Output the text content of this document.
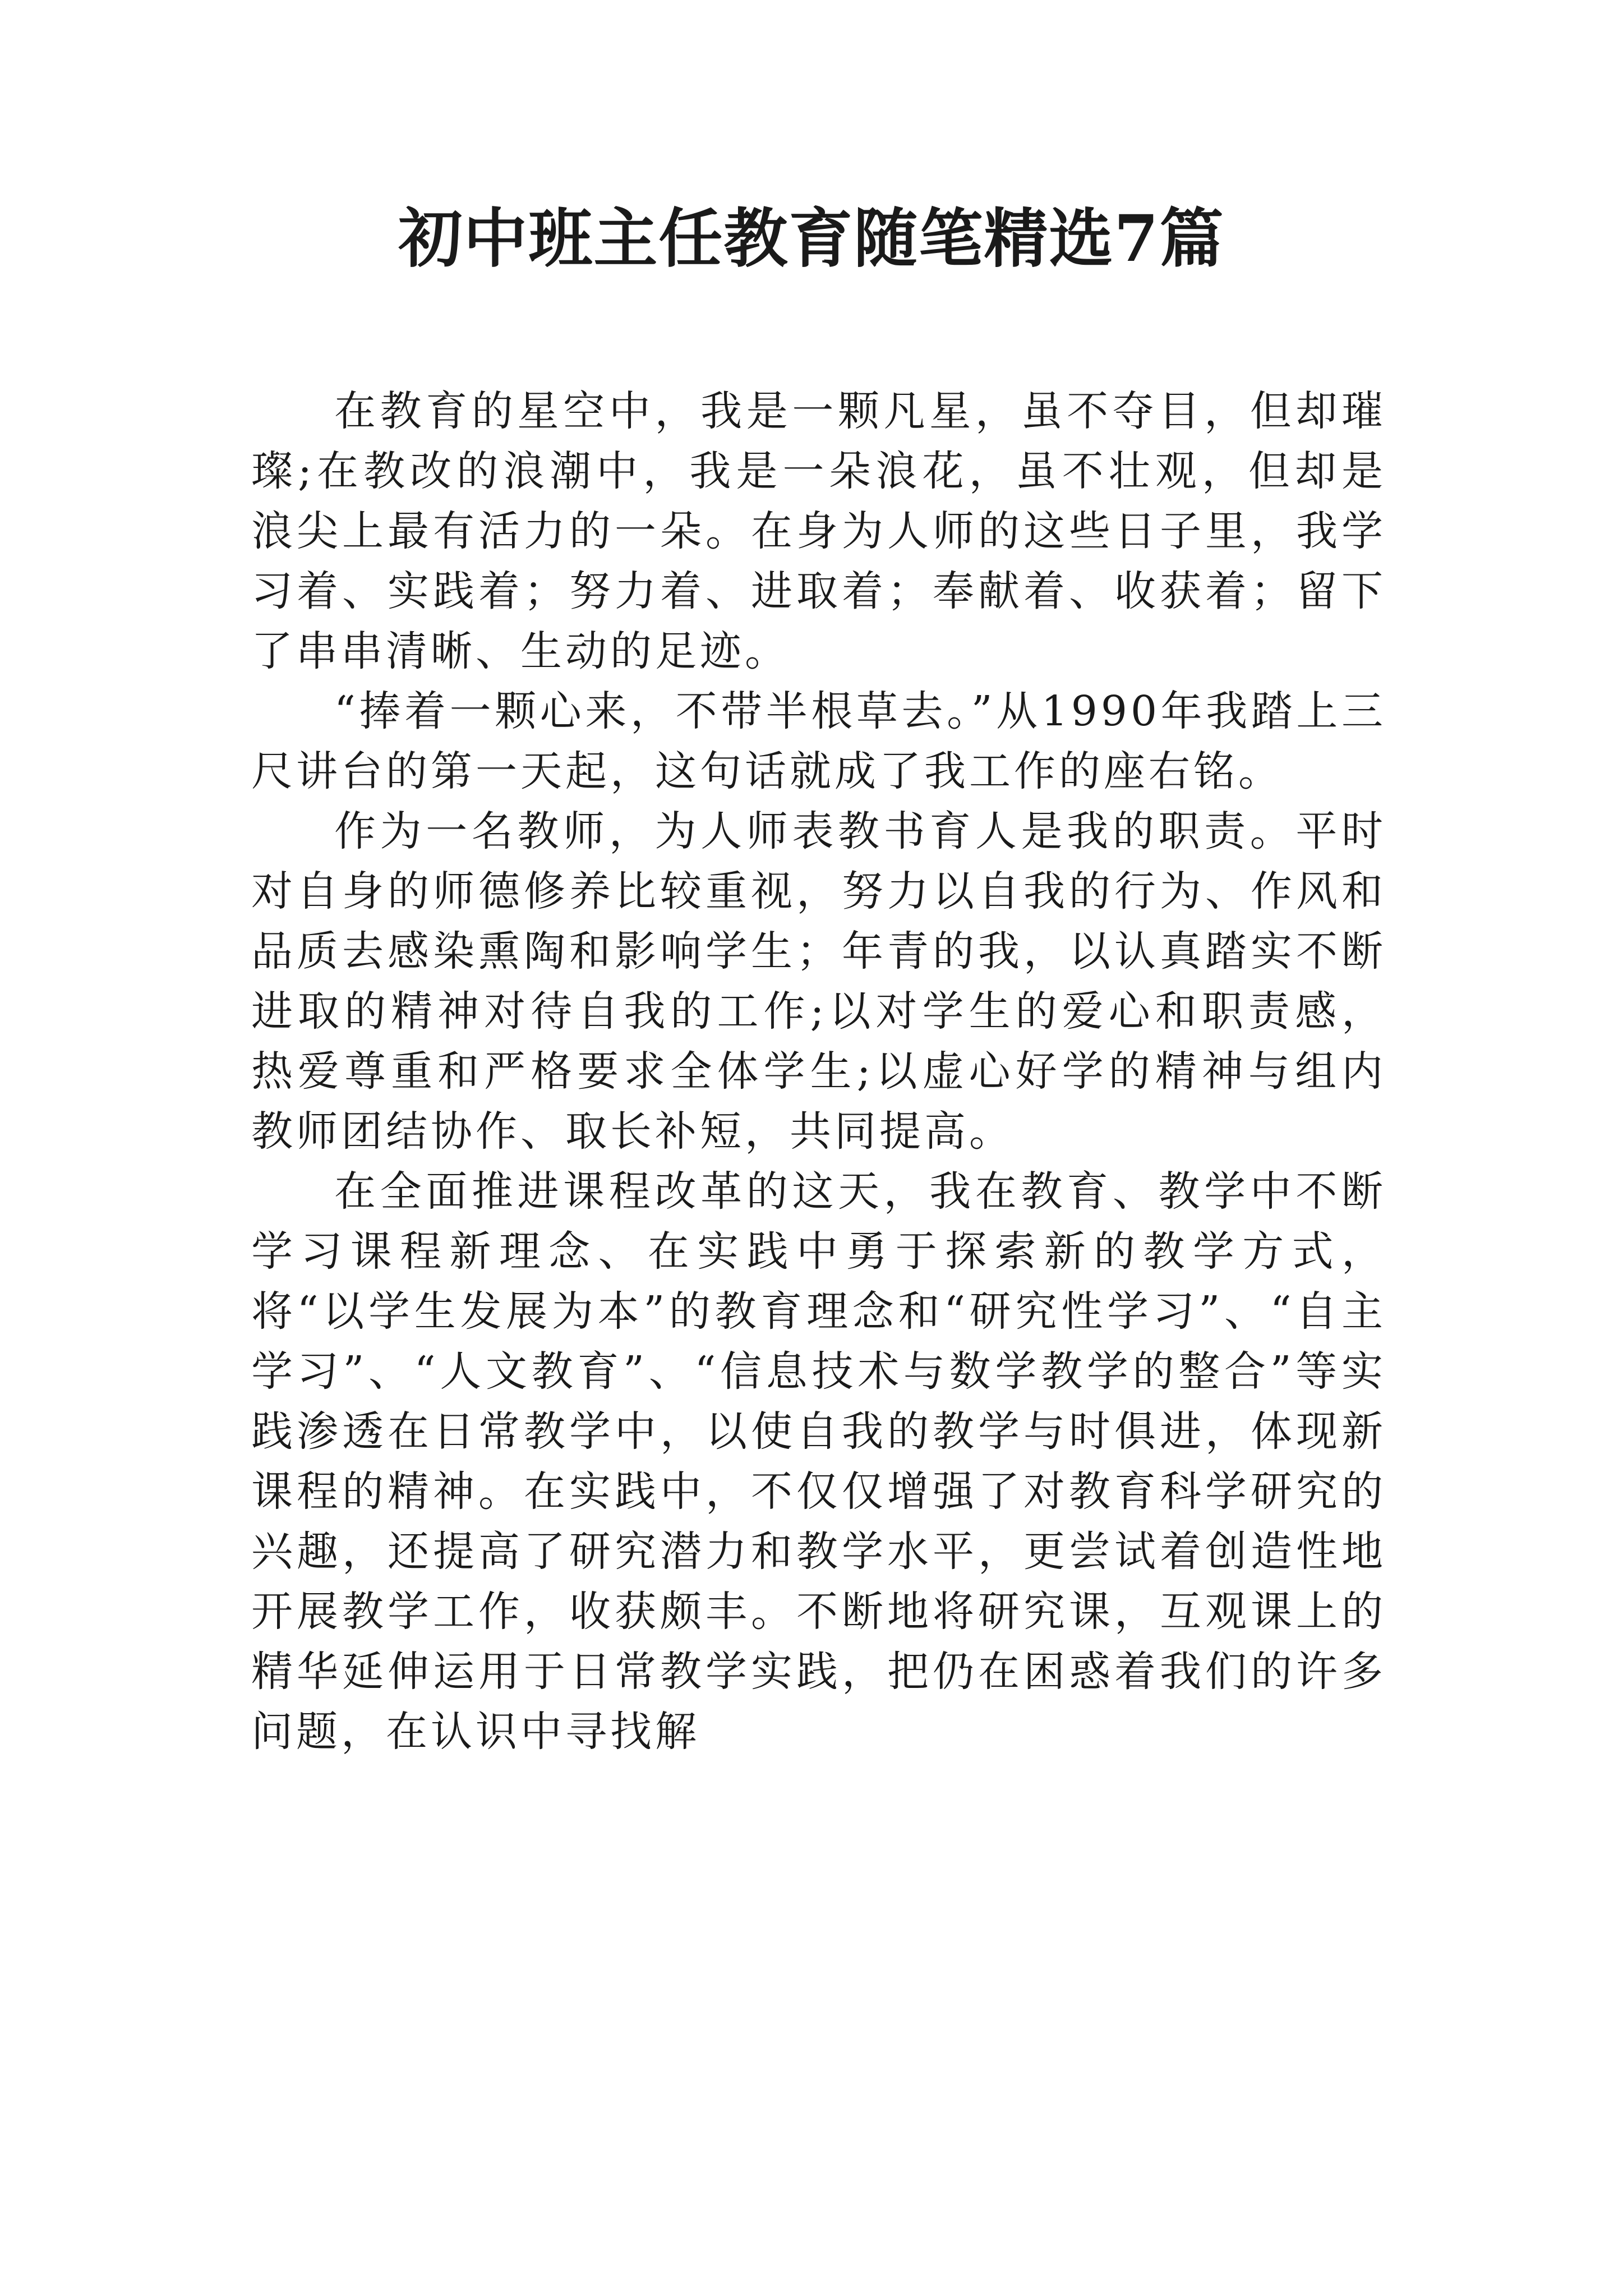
初中班主任教育随笔精选7篇

在教育的星空中，我是一颗凡星，虽不夺目，但却璀璨;在教改的浪潮中，我是一朵浪花，虽不壮观，但却是浪尖上最有活力的一朵。在身为人师的这些日子里，我学习着、实践着；努力着、进取着；奉献着、收获着；留下了串串清晰、生动的足迹。

“捧着一颗心来，不带半根草去。”从1990年我踏上三尺讲台的第一天起，这句话就成了我工作的座右铭。

作为一名教师，为人师表教书育人是我的职责。平时对自身的师德修养比较重视，努力以自我的行为、作风和品质去感染熏陶和影响学生；年青的我，以认真踏实不断进取的精神对待自我的工作;以对学生的爱心和职责感，热爱尊重和严格要求全体学生;以虚心好学的精神与组内教师团结协作、取长补短，共同提高。

在全面推进课程改革的这天，我在教育、教学中不断学习课程新理念、在实践中勇于探索新的教学方式，将“以学生发展为本”的教育理念和“研究性学习”、“自主学习”、“人文教育”、“信息技术与数学教学的整合”等实践渗透在日常教学中，以使自我的教学与时俱进，体现新课程的精神。在实践中，不仅仅增强了对教育科学研究的兴趣，还提高了研究潜力和教学水平，更尝试着创造性地开展教学工作，收获颇丰。不断地将研究课，互观课上的精华延伸运用于日常教学实践，把仍在困惑着我们的许多问题，在认识中寻找解
